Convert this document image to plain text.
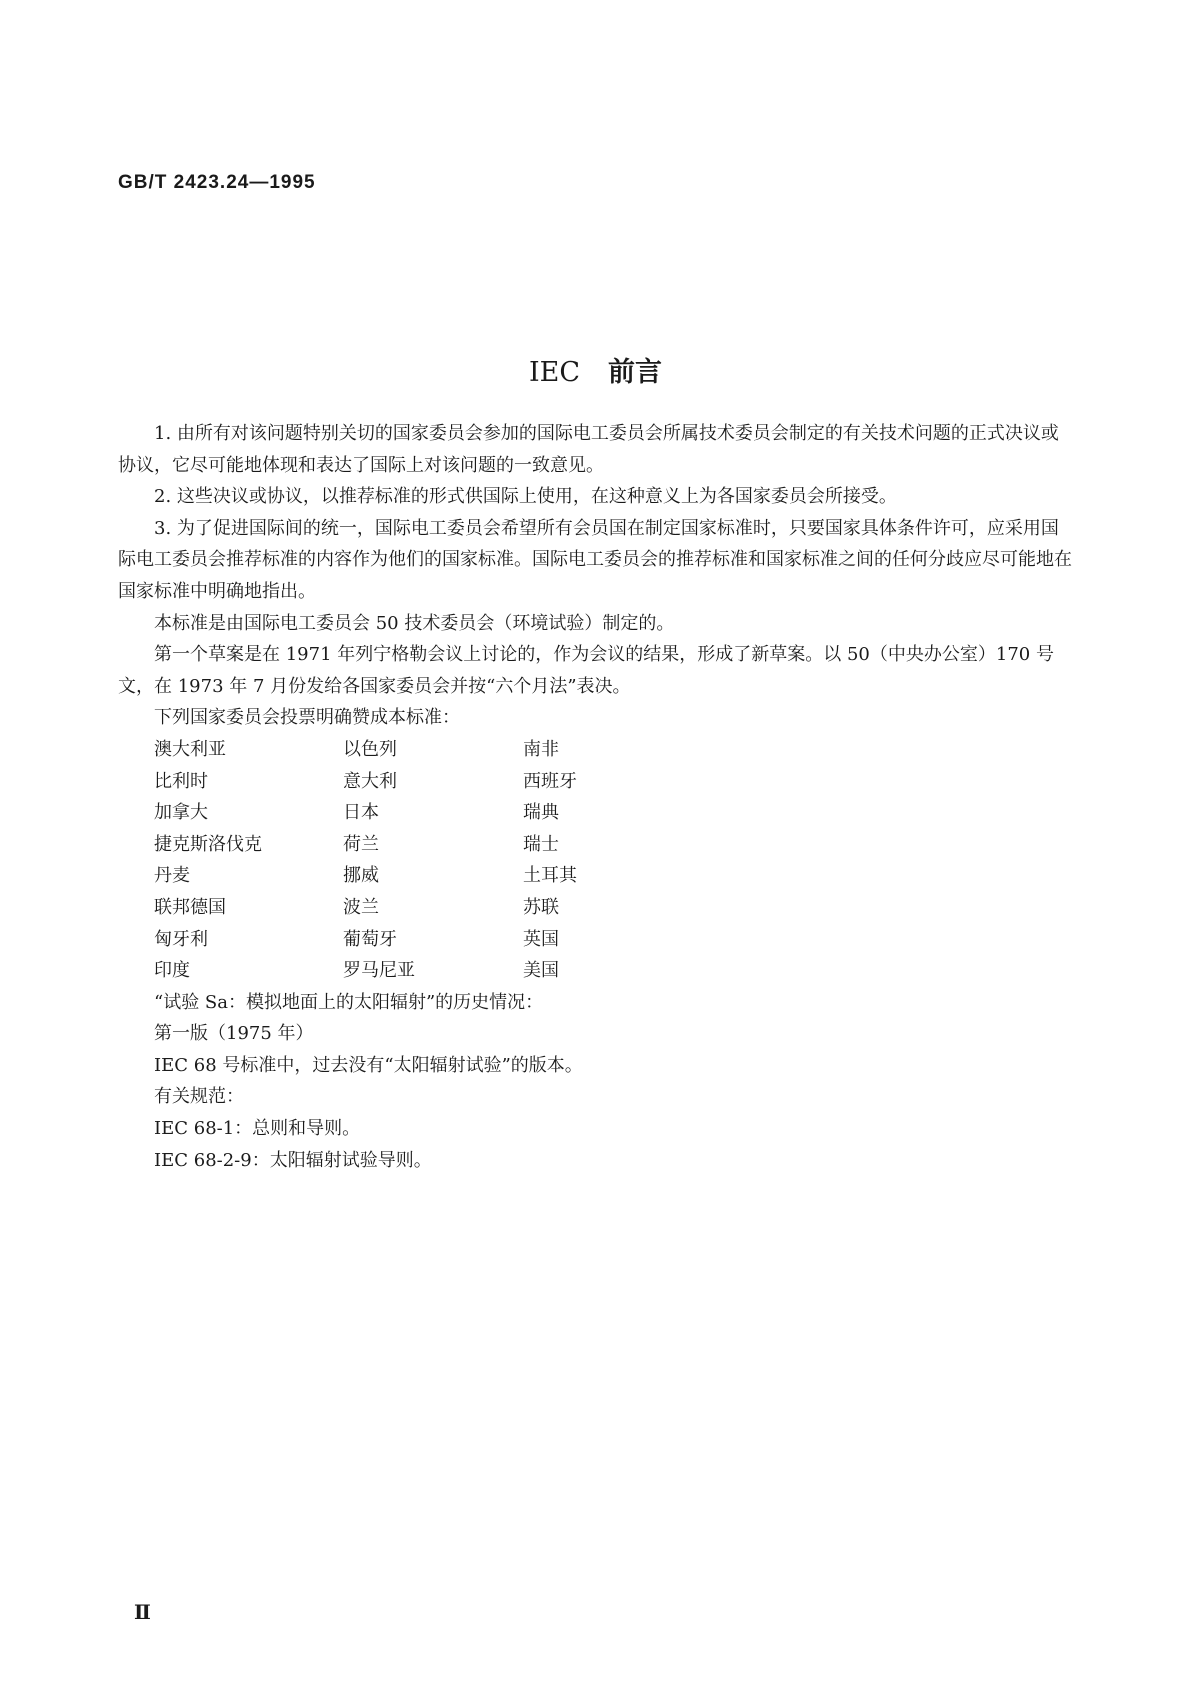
GB/T 2423.24—1995

IEC 前言

1. 由所有对该问题特别关切的国家委员会参加的国际电工委员会所属技术委员会制定的有关技术问题的正式决议或协议，它尽可能地体现和表达了国际上对该问题的一致意见。

2. 这些决议或协议，以推荐标准的形式供国际上使用，在这种意义上为各国家委员会所接受。

3. 为了促进国际间的统一，国际电工委员会希望所有会员国在制定国家标准时，只要国家具体条件许可，应采用国际电工委员会推荐标准的内容作为他们的国家标准。国际电工委员会的推荐标准和国家标准之间的任何分歧应尽可能地在国家标准中明确地指出。

本标准是由国际电工委员会 50 技术委员会（环境试验）制定的。

第一个草案是在 1971 年列宁格勒会议上讨论的，作为会议的结果，形成了新草案。以 50（中央办公室）170 号文，在 1973 年 7 月份发给各国家委员会并按“六个月法”表决。

下列国家委员会投票明确赞成本标准：

澳大利亚	以色列	南非
比利时	意大利	西班牙
加拿大	日本	瑞典
捷克斯洛伐克	荷兰	瑞士
丹麦	挪威	土耳其
联邦德国	波兰	苏联
匈牙利	葡萄牙	英国
印度	罗马尼亚	美国

“试验 Sa：模拟地面上的太阳辐射”的历史情况：

第一版（1975 年）

IEC 68 号标准中，过去没有“太阳辐射试验”的版本。

有关规范：

IEC 68-1：总则和导则。

IEC 68-2-9：太阳辐射试验导则。

Ⅱ
